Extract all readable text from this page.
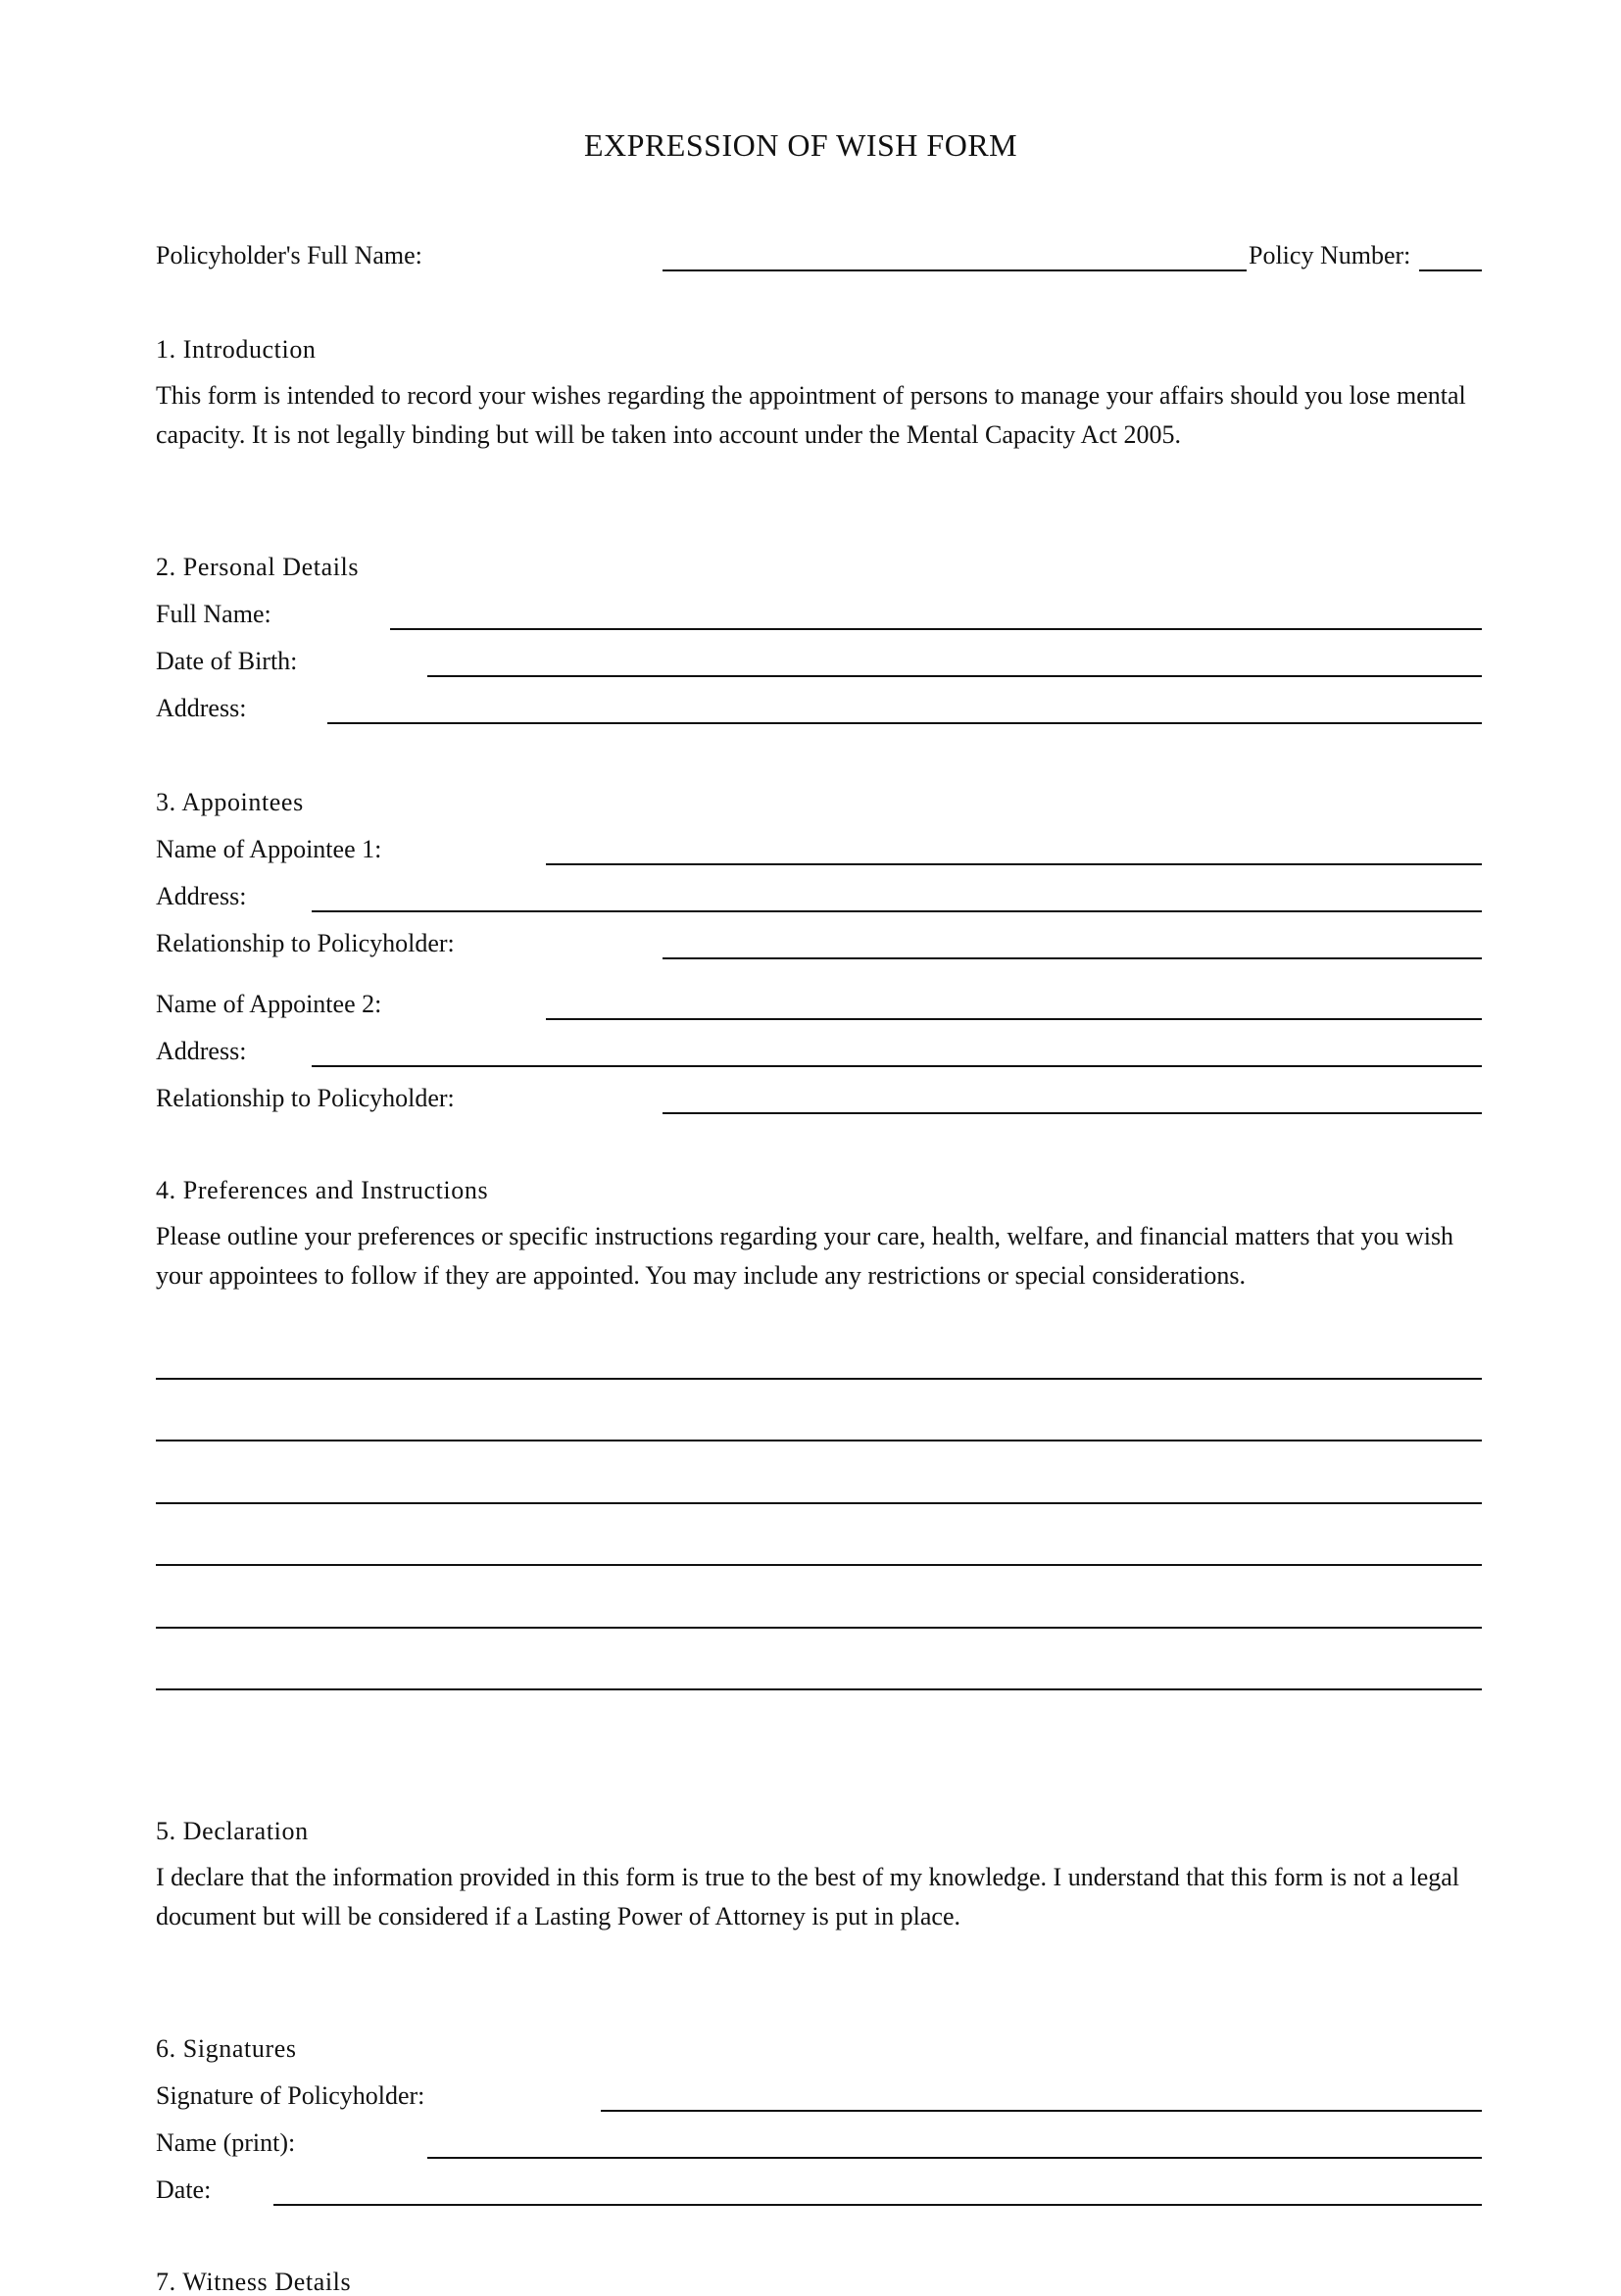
EXPRESSION OF WISH FORM
Policyholder's Full Name:	Policy Number:
1. Introduction
This form is intended to record your wishes regarding the appointment of persons to manage your affairs should you lose mental capacity. It is not legally binding but will be taken into account under the Mental Capacity Act 2005.
2. Personal Details
Full Name:
Date of Birth:
Address:
3. Appointees
Name of Appointee 1:
Address:
Relationship to Policyholder:
Name of Appointee 2:
Address:
Relationship to Policyholder:
4. Preferences and Instructions
Please outline your preferences or specific instructions regarding your care, health, welfare, and financial matters that you wish your appointees to follow if they are appointed. You may include any restrictions or special considerations.
5. Declaration
I declare that the information provided in this form is true to the best of my knowledge. I understand that this form is not a legal document but will be considered if a Lasting Power of Attorney is put in place.
6. Signatures
Signature of Policyholder:
Name (print):
Date:
7. Witness Details
